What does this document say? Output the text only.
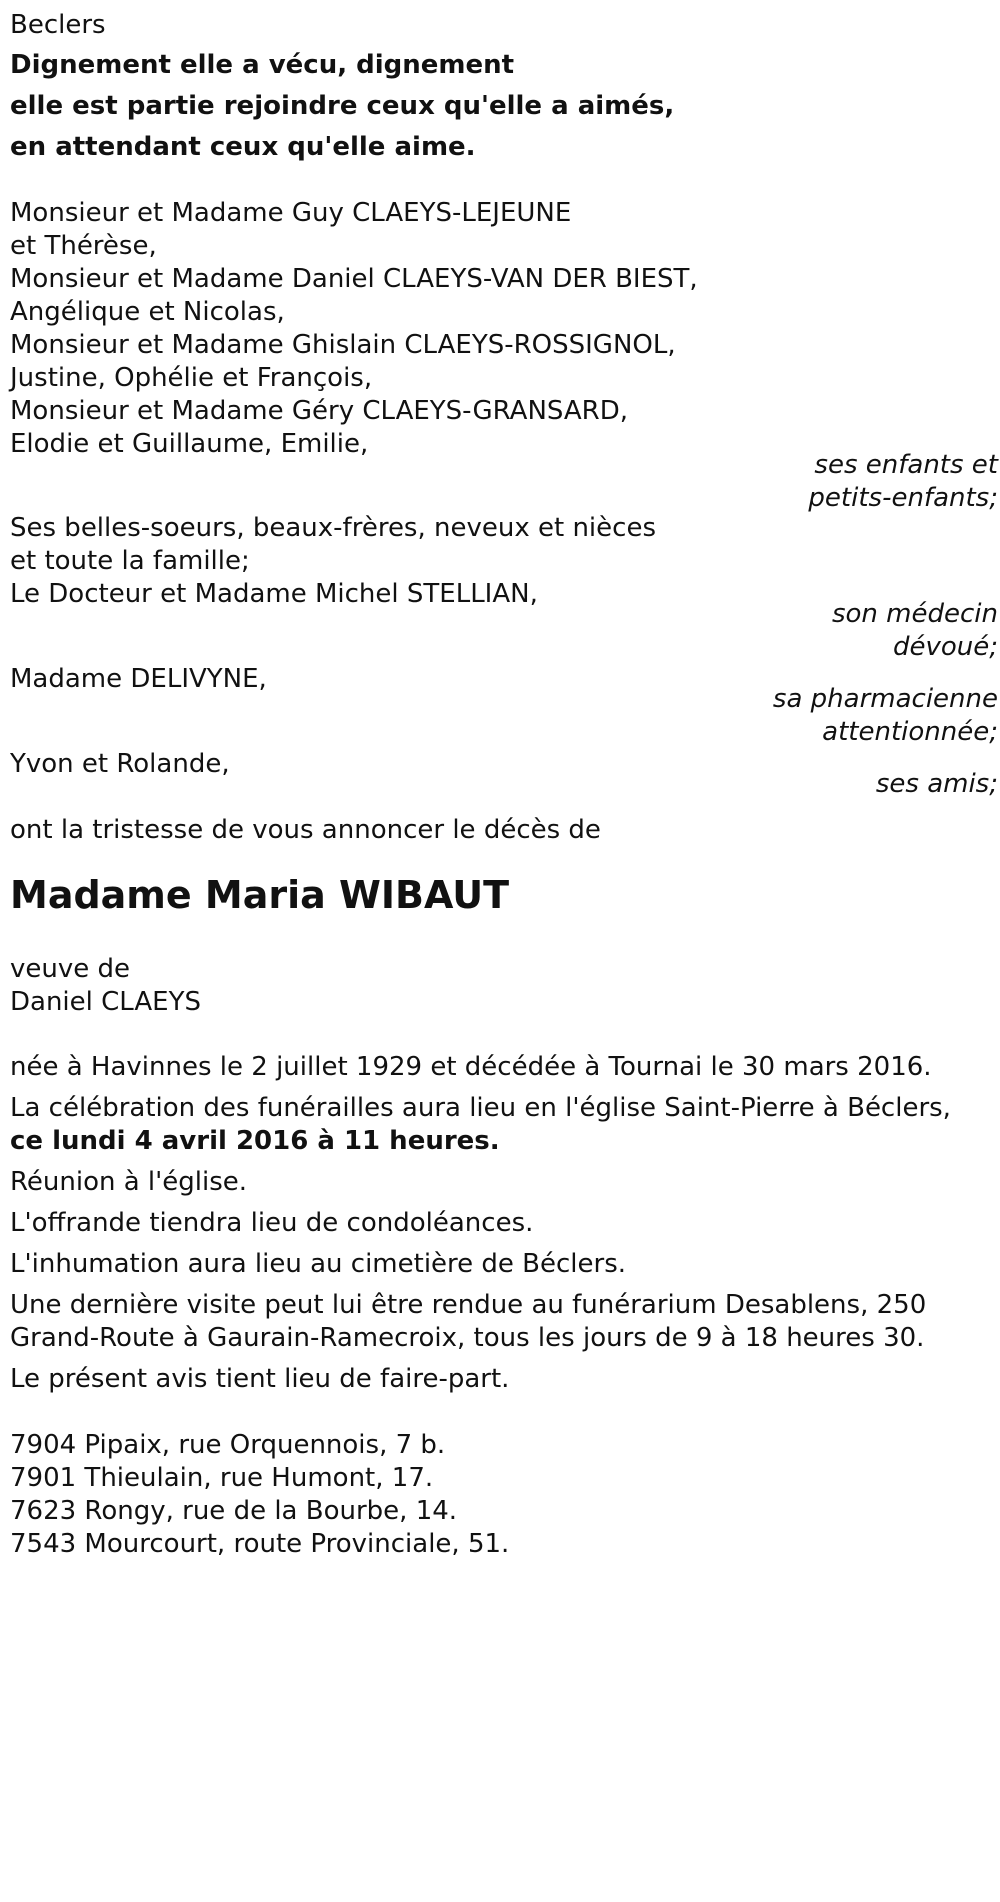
Beclers
Dignement elle a vécu, dignement
elle est partie rejoindre ceux qu'elle a aimés,
en attendant ceux qu'elle aime.
Monsieur et Madame Guy CLAEYS-LEJEUNE
et Thérèse,
Monsieur et Madame Daniel CLAEYS-VAN DER BIEST,
Angélique et Nicolas,
Monsieur et Madame Ghislain CLAEYS-ROSSIGNOL,
Justine, Ophélie et François,
Monsieur et Madame Géry CLAEYS-GRANSARD,
Elodie et Guillaume, Emilie,
ses enfants et
petits-enfants;
Ses belles-soeurs, beaux-frères, neveux et nièces
et toute la famille;
Le Docteur et Madame Michel STELLIAN,
son médecin
dévoué;
Madame DELIVYNE,
sa pharmacienne
attentionnée;
Yvon et Rolande,
ses amis;
ont la tristesse de vous annoncer le décès de
Madame Maria WIBAUT
veuve de
Daniel CLAEYS
née à Havinnes le 2 juillet 1929 et décédée à Tournai le 30 mars 2016.
La célébration des funérailles aura lieu en l'église Saint-Pierre à Béclers,
ce lundi 4 avril 2016 à 11 heures.
Réunion à l'église.
L'offrande tiendra lieu de condoléances.
L'inhumation aura lieu au cimetière de Béclers.
Une dernière visite peut lui être rendue au funérarium Desablens, 250
Grand-Route à Gaurain-Ramecroix, tous les jours de 9 à 18 heures 30.
Le présent avis tient lieu de faire-part.
7904 Pipaix, rue Orquennois, 7 b.
7901 Thieulain, rue Humont, 17.
7623 Rongy, rue de la Bourbe, 14.
7543 Mourcourt, route Provinciale, 51.
